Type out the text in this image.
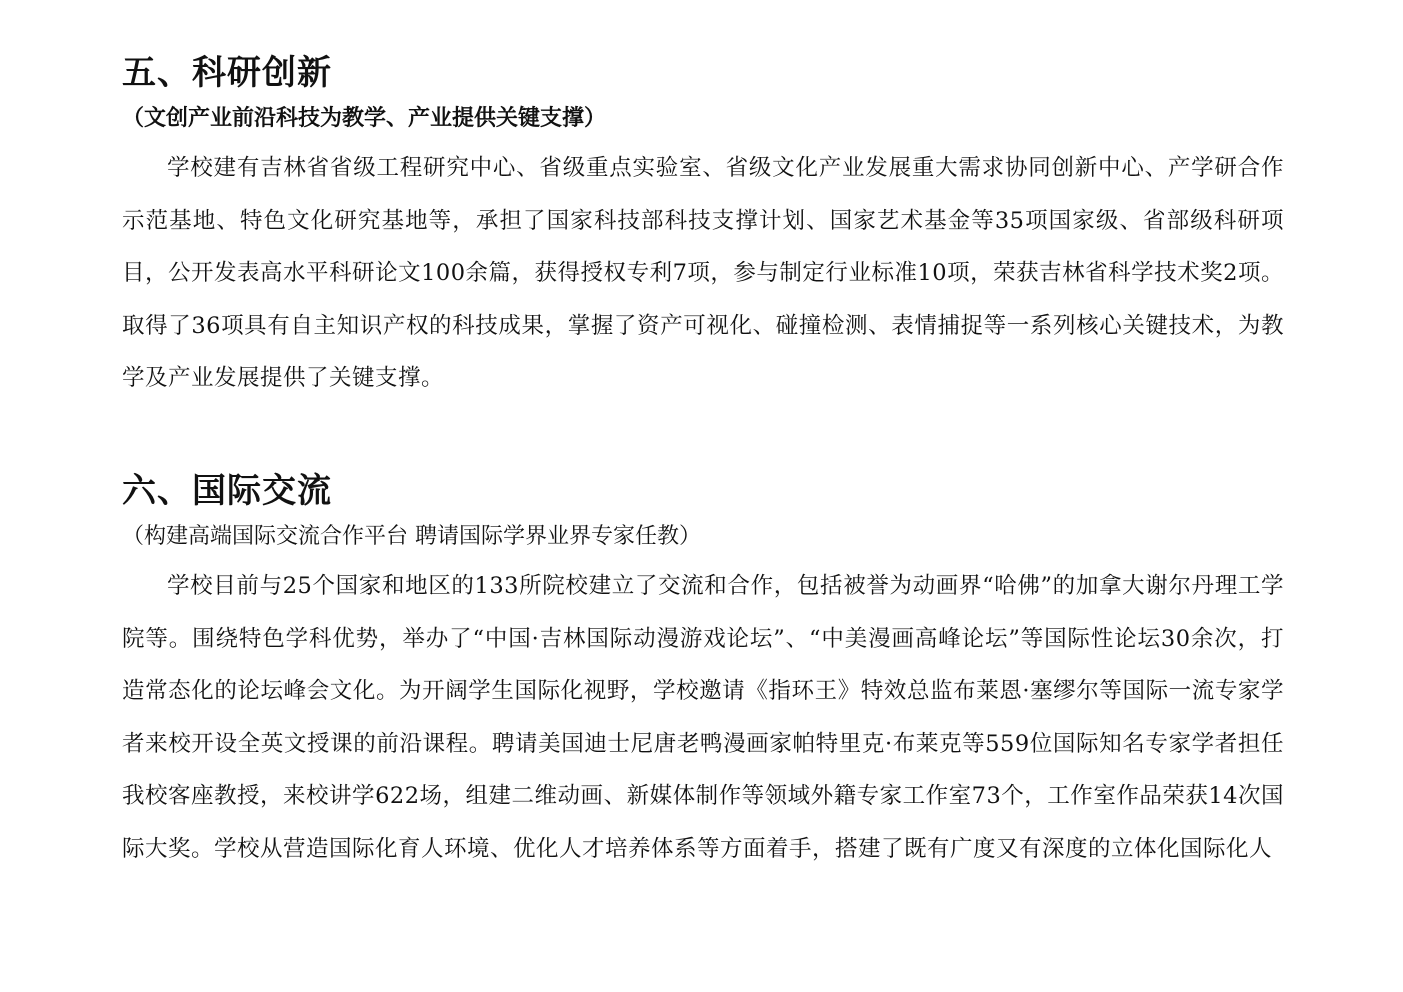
五、科研创新
（文创产业前沿科技为教学、产业提供关键支撑）

学校建有吉林省省级工程研究中心、省级重点实验室、省级文化产业发展重大需求协同创新中心、产学研合作示范基地、特色文化研究基地等，承担了国家科技部科技支撑计划、国家艺术基金等35项国家级、省部级科研项目，公开发表高水平科研论文100余篇，获得授权专利7项，参与制定行业标准10项，荣获吉林省科学技术奖2项。取得了36项具有自主知识产权的科技成果，掌握了资产可视化、碰撞检测、表情捕捉等一系列核心关键技术，为教学及产业发展提供了关键支撑。

六、国际交流
（构建高端国际交流合作平台 聘请国际学界业界专家任教）

学校目前与25个国家和地区的133所院校建立了交流和合作，包括被誉为动画界“哈佛”的加拿大谢尔丹理工学院等。围绕特色学科优势，举办了“中国·吉林国际动漫游戏论坛”、“中美漫画高峰论坛”等国际性论坛30余次，打造常态化的论坛峰会文化。为开阔学生国际化视野，学校邀请《指环王》特效总监布莱恩·塞缪尔等国际一流专家学者来校开设全英文授课的前沿课程。聘请美国迪士尼唐老鸭漫画家帕特里克·布莱克等559位国际知名专家学者担任我校客座教授，来校讲学622场，组建二维动画、新媒体制作等领域外籍专家工作室73个，工作室作品荣获14次国际大奖。学校从营造国际化育人环境、优化人才培养体系等方面着手，搭建了既有广度又有深度的立体化国际化人
